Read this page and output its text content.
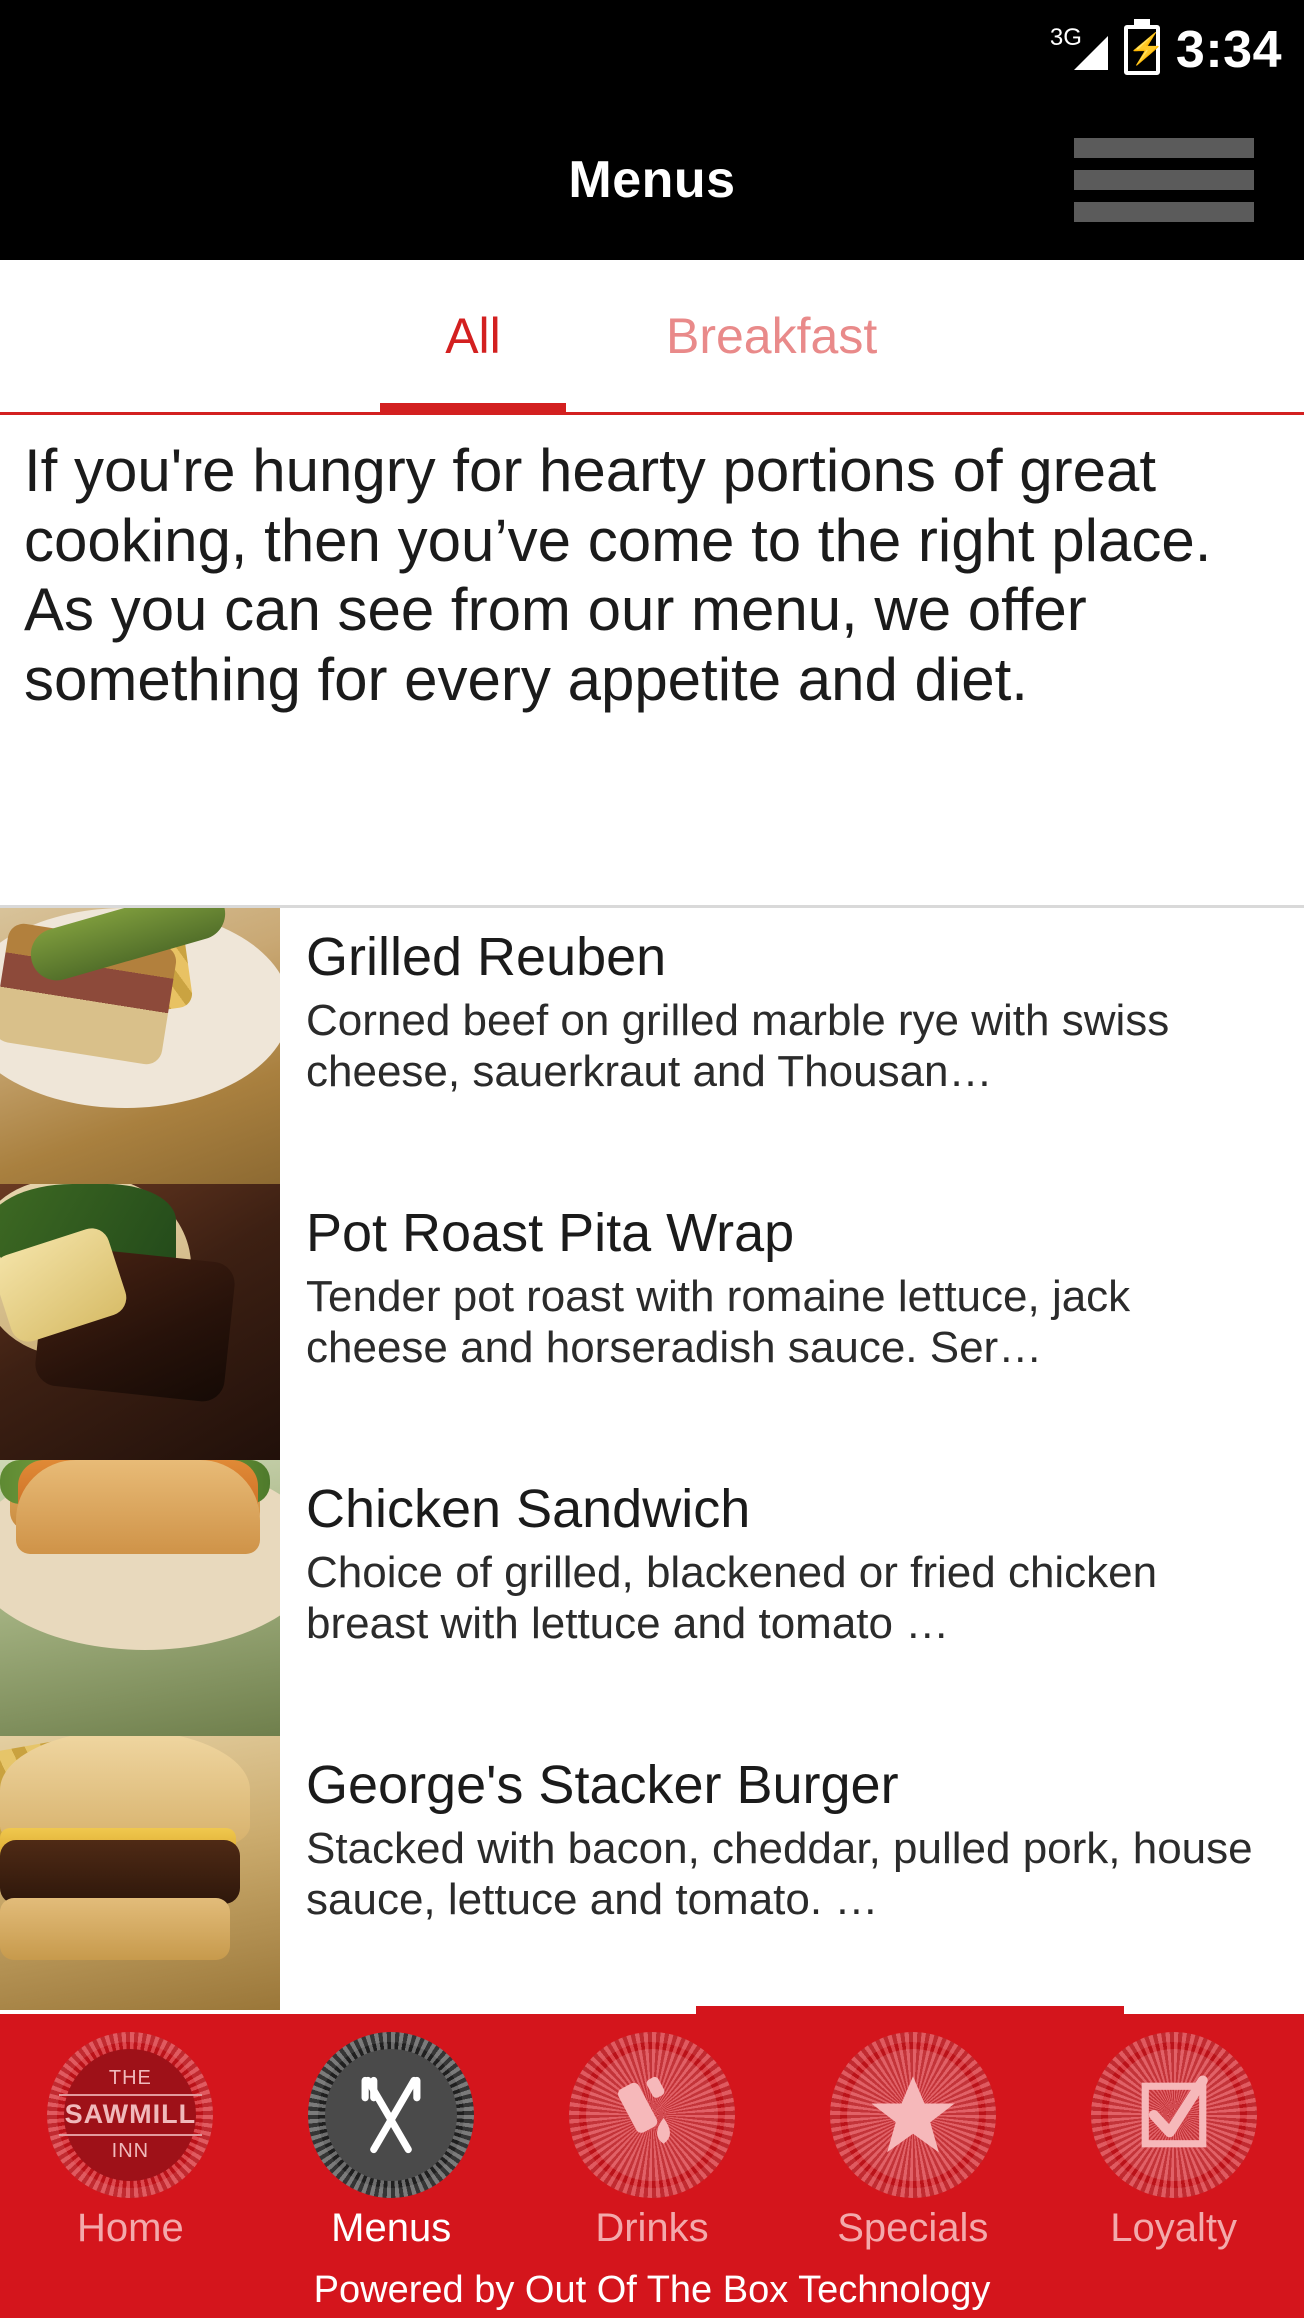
3G ⚡ 3:34
Menus
All	Breakfast
If you're hungry for hearty portions of great cooking, then you’ve come to the right place. As you can see from our menu, we offer something for every appetite and diet.
Grilled Reuben
Corned beef on grilled marble rye with swiss cheese, sauerkraut and Thousan…
Pot Roast Pita Wrap
Tender pot roast with romaine lettuce, jack cheese and horseradish sauce. Ser…
Chicken Sandwich
Choice of grilled, blackened or fried chicken breast with lettuce and tomato …
George's Stacker Burger
Stacked with bacon, cheddar, pulled pork, house sauce, lettuce and tomato. …
THE
SAWMILL
INN
Home	Menus	Drinks	Specials	Loyalty
Powered by Out Of The Box Technology
